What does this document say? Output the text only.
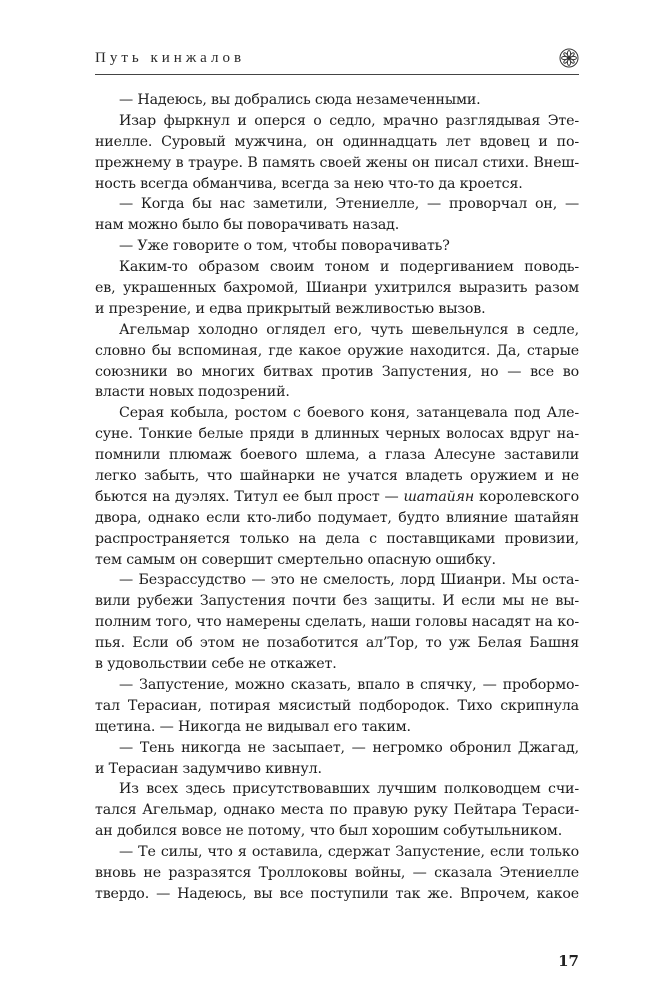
Путь кинжалов
— Надеюсь, вы добрались сюда незамеченными.
Изар фыркнул и оперся о седло, мрачно разглядывая Эте-
ниелле. Суровый мужчина, он одиннадцать лет вдовец и по-
прежнему в трауре. В память своей жены он писал стихи. Внеш-
ность всегда обманчива, всегда за нею что-то да кроется.
— Когда бы нас заметили, Этениелле, — проворчал он, —
нам можно было бы поворачивать назад.
— Уже говорите о том, чтобы поворачивать?
Каким-то образом своим тоном и подергиванием поводь-
ев, украшенных бахромой, Шианри ухитрился выразить разом
и презрение, и едва прикрытый вежливостью вызов.
Агельмар холодно оглядел его, чуть шевельнулся в седле,
словно бы вспоминая, где какое оружие находится. Да, старые
союзники во многих битвах против Запустения, но — все во
власти новых подозрений.
Серая кобыла, ростом с боевого коня, затанцевала под Але-
суне. Тонкие белые пряди в длинных черных волосах вдруг на-
помнили плюмаж боевого шлема, а глаза Алесуне заставили
легко забыть, что шайнарки не учатся владеть оружием и не
бьются на дуэлях. Титул ее был прост — шатайян королевского
двора, однако если кто-либо подумает, будто влияние шатайян
распространяется только на дела с поставщиками провизии,
тем самым он совершит смертельно опасную ошибку.
— Безрассудство — это не смелость, лорд Шианри. Мы оста-
вили рубежи Запустения почти без защиты. И если мы не вы-
полним того, что намерены сделать, наши головы насадят на ко-
пья. Если об этом не позаботится ал’Тор, то уж Белая Башня
в удовольствии себе не откажет.
— Запустение, можно сказать, впало в спячку, — пробормо-
тал Терасиан, потирая мясистый подбородок. Тихо скрипнула
щетина. — Никогда не видывал его таким.
— Тень никогда не засыпает, — негромко обронил Джагад,
и Терасиан задумчиво кивнул.
Из всех здесь присутствовавших лучшим полководцем счи-
тался Агельмар, однако места по правую руку Пейтара Тераси-
ан добился вовсе не потому, что был хорошим собутыльником.
— Те силы, что я оставила, сдержат Запустение, если только
вновь не разразятся Троллоковы войны, — сказала Этениелле
твердо. — Надеюсь, вы все поступили так же. Впрочем, какое
17
